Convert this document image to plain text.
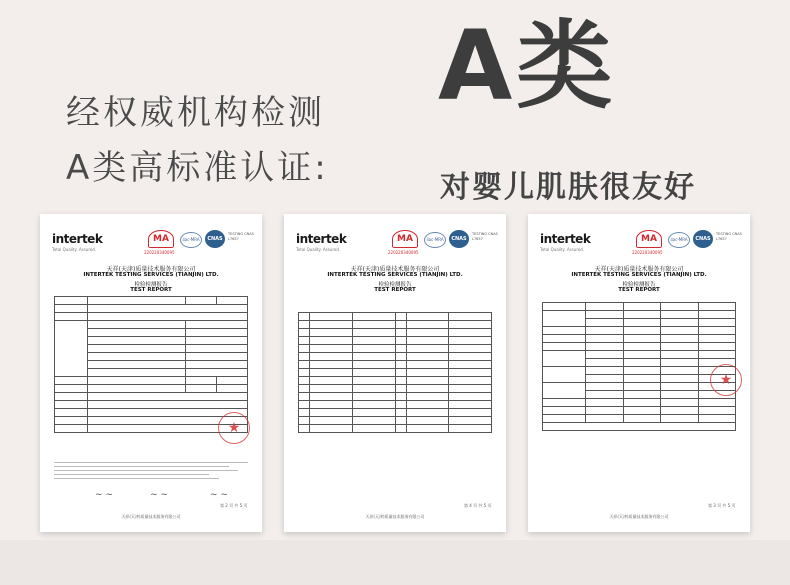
经权威机构检测
A类高标准认证:
A类
对婴儿肌肤很友好
intertek
Total Quality. Assured.
MA
220220340095
ilac-MRA	CNAS
TESTING CNAS L7657
天祥(天津)质量技术服务有限公司
INTERTEK TESTING SERVICES (TIANJIN) LTD.
检验检测报告
TEST REPORT

★
~ ~	~ ~	~ ~
第 2 页 共 5 页
天祥(天津)质量技术服务有限公司
intertek
Total Quality. Assured.
MA
220220340095
ilac-MRA	CNAS
TESTING CNAS L7657
天祥(天津)质量技术服务有限公司
INTERTEK TESTING SERVICES (TIANJIN) LTD.
检验检测报告
TEST REPORT

第 4 页 共 5 页
天祥(天津)质量技术服务有限公司
intertek
Total Quality. Assured.
MA
220220340095
ilac-MRA	CNAS
TESTING CNAS L7657
天祥(天津)质量技术服务有限公司
INTERTEK TESTING SERVICES (TIANJIN) LTD.
检验检测报告
TEST REPORT

★
第 3 页 共 5 页
天祥(天津)质量技术服务有限公司
